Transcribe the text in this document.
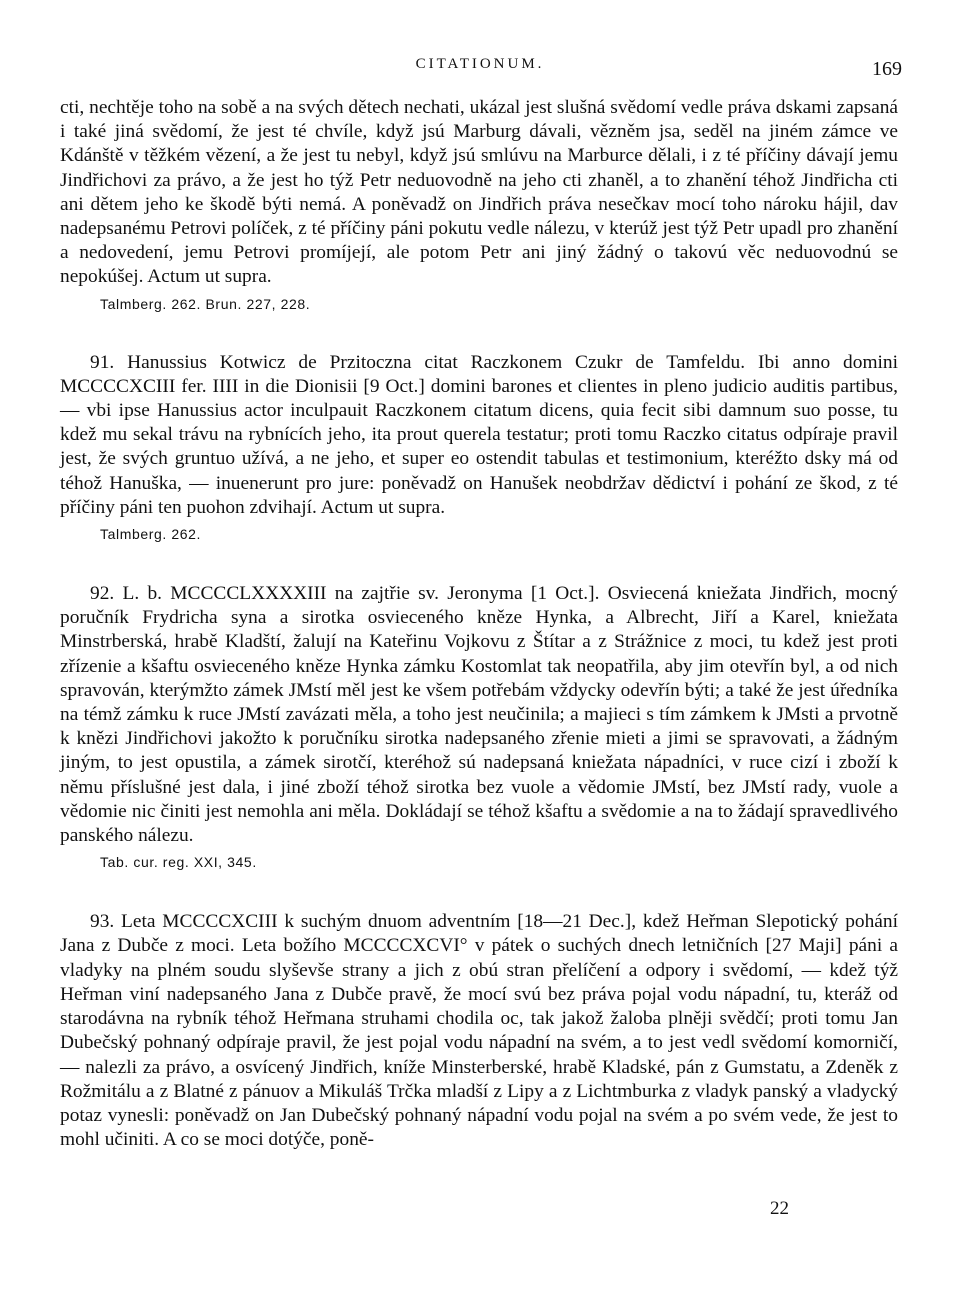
CITATIONUM.	169

cti, nechtěje toho na sobě a na svých dětech nechati, ukázal jest slušná svědomí vedle práva dskami zapsaná i také jiná svědomí, že jest té chvíle, když jsú Marburg dávali, vězněm jsa, seděl na jiném zámce ve Kdánště v těžkém vězení, a že jest tu nebyl, když jsú smlúvu na Marburce dělali, i z té příčiny dávají jemu Jindřichovi za právo, a že jest ho týž Petr neduovodně na jeho cti zhaněl, a to zhanění téhož Jindřicha cti ani dětem jeho ke škodě býti nemá. A poněvadž on Jindřich práva nesečkav mocí toho nároku hájil, dav nadepsanému Petrovi políček, z té příčiny páni pokutu vedle nálezu, v kterúž jest týž Petr upadl pro zhanění a nedovedení, jemu Petrovi promíjejí, ale potom Petr ani jiný žádný o takovú věc neduovodnú se nepokúšej. Actum ut supra.

Talmberg. 262. Brun. 227, 228.

91. Hanussius Kotwicz de Przitoczna citat Raczkonem Czukr de Tamfeldu. Ibi anno domini MCCCCXCIII fer. IIII in die Dionisii [9 Oct.] domini barones et clientes in pleno judicio auditis partibus, — vbi ipse Hanussius actor inculpauit Raczkonem citatum dicens, quia fecit sibi damnum suo posse, tu kdež mu sekal trávu na rybnících jeho, ita prout querela testatur; proti tomu Raczko citatus odpíraje pravil jest, že svých gruntuo užívá, a ne jeho, et super eo ostendit tabulas et testimonium, kteréžto dsky má od téhož Hanuška, — inuenerunt pro jure: poněvadž on Hanušek neobdržav dědictví i pohání ze škod, z té příčiny páni ten puohon zdvihají. Actum ut supra.

Talmberg. 262.

92. L. b. MCCCCLXXXXIII na zajtřie sv. Jeronyma [1 Oct.]. Osviecená kniežata Jindřich, mocný poručník Frydricha syna a sirotka osvieceného kněze Hynka, a Albrecht, Jiří a Karel, kniežata Minstrberská, hrabě Kladští, žalují na Kateřinu Vojkovu z Štítar a z Strážnice z moci, tu kdež jest proti zřízenie a kšaftu osvieceného kněze Hynka zámku Kostomlat tak neopatřila, aby jim otevřín byl, a od nich spravován, kterýmžto zámek JMstí měl jest ke všem potřebám vždycky odevřín býti; a také že jest úředníka na témž zámku k ruce JMstí zavázati měla, a toho jest neučinila; a majieci s tím zámkem k JMsti a prvotně k knězi Jindřichovi jakožto k poručníku sirotka nadepsaného zřenie mieti a jimi se spravovati, a žádným jiným, to jest opustila, a zámek sirotčí, kteréhož sú nadepsaná kniežata nápadníci, v ruce cizí i zboží k němu příslušné jest dala, i jiné zboží téhož sirotka bez vuole a vědomie JMstí, bez JMstí rady, vuole a vědomie nic činiti jest nemohla ani měla. Dokládají se téhož kšaftu a svědomie a na to žádají spravedlivého panského nálezu.

Tab. cur. reg. XXI, 345.

93. Leta MCCCCXCIII k suchým dnuom adventním [18—21 Dec.], kdež Heřman Slepotický pohání Jana z Dubče z moci. Leta božího MCCCCXCVI° v pátek o suchých dnech letničních [27 Maji] páni a vladyky na plném soudu slyševše strany a jich z obú stran přelíčení a odpory i svědomí, — kdež týž Heřman viní nadepsaného Jana z Dubče pravě, že mocí svú bez práva pojal vodu nápadní, tu, kteráž od starodávna na rybník téhož Heřmana struhami chodila oc, tak jakož žaloba plněji svědčí; proti tomu Jan Dubečský pohnaný odpíraje pravil, že jest pojal vodu nápadní na svém, a to jest vedl svědomí komorničí, — nalezli za právo, a osvícený Jindřich, kníže Minsterberské, hrabě Kladské, pán z Gumstatu, a Zdeněk z Rožmitálu a z Blatné z pánuov a Mikuláš Trčka mladší z Lipy a z Lichtmburka z vladyk panský a vladycký potaz vynesli: poněvadž on Jan Dubečský pohnaný nápadní vodu pojal na svém a po svém vede, že jest to mohl učiniti. A co se moci dotýče, poně-

22
